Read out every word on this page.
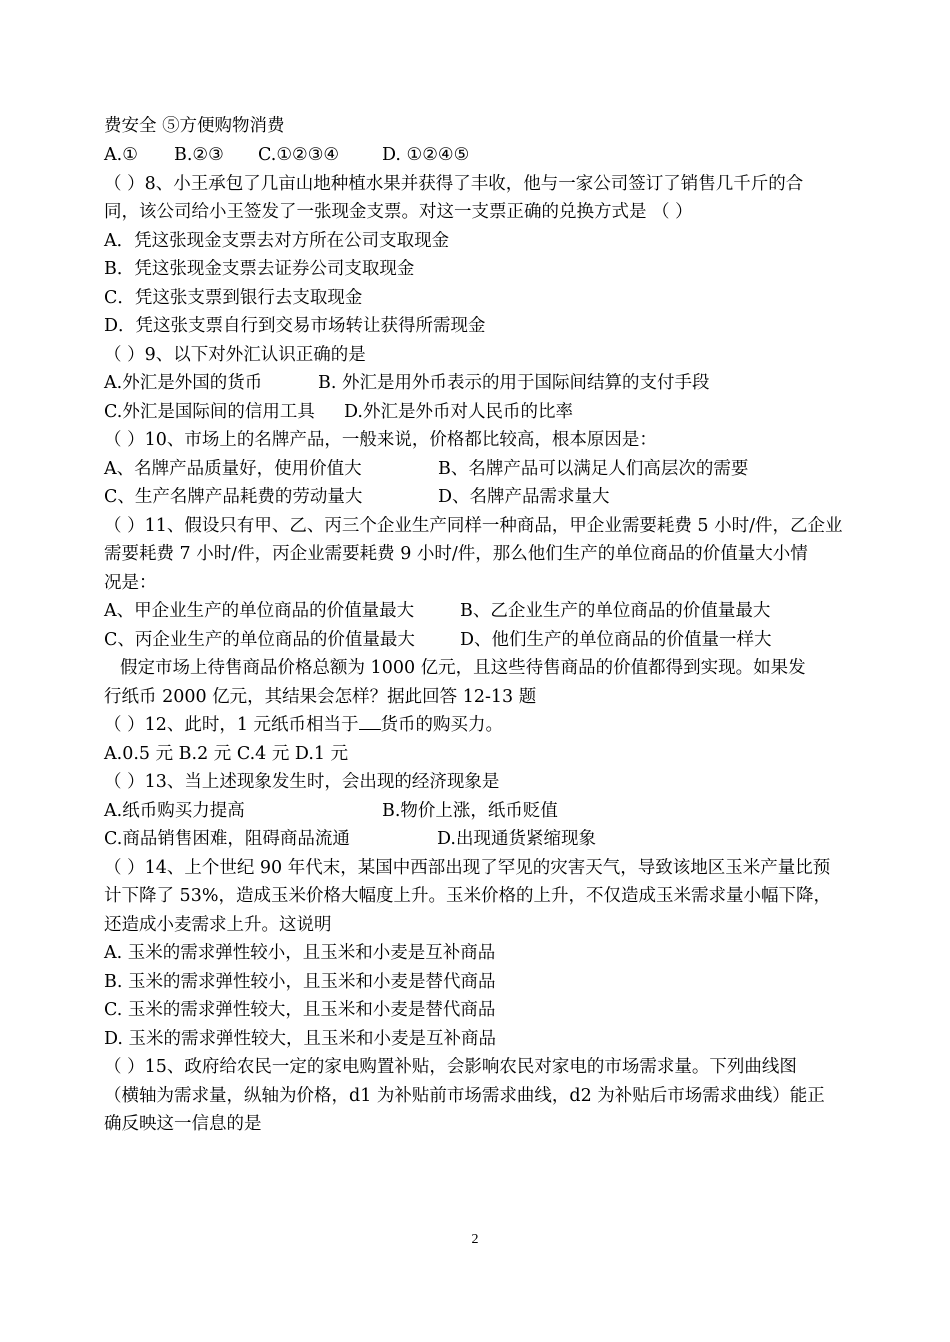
费安全 ⑤方便购物消费
A.① B.②③ C.①②③④ D. ①②④⑤
（ ）8、小王承包了几亩山地种植水果并获得了丰收，他与一家公司签订了销售几千斤的合
同，该公司给小王签发了一张现金支票。对这一支票正确的兑换方式是 （ ）
A．凭这张现金支票去对方所在公司支取现金
B．凭这张现金支票去证券公司支取现金
C．凭这张支票到银行去支取现金
D．凭这张支票自行到交易市场转让获得所需现金
（ ）9、以下对外汇认识正确的是
A.外汇是外国的货币	B. 外汇是用外币表示的用于国际间结算的支付手段
C.外汇是国际间的信用工具 D.外汇是外币对人民币的比率
（ ）10、市场上的名牌产品，一般来说，价格都比较高，根本原因是：
A、名牌产品质量好，使用价值大	B、名牌产品可以满足人们高层次的需要
C、生产名牌产品耗费的劳动量大	D、名牌产品需求量大
（ ）11、假设只有甲、乙、丙三个企业生产同样一种商品，甲企业需要耗费 5 小时/件，乙企业
需要耗费 7 小时/件，丙企业需要耗费 9 小时/件，那么他们生产的单位商品的价值量大小情
况是：
A、甲企业生产的单位商品的价值量最大	B、乙企业生产的单位商品的价值量最大
C、丙企业生产的单位商品的价值量最大	D、他们生产的单位商品的价值量一样大
假定市场上待售商品价格总额为 1000 亿元，且这些待售商品的价值都得到实现。如果发
行纸币 2000 亿元，其结果会怎样？据此回答 12-13 题
（ ）12、此时，1 元纸币相当于 货币的购买力。
A.0.5 元 B.2 元 C.4 元 D.1 元
（ ）13、当上述现象发生时，会出现的经济现象是
A.纸币购买力提高	B.物价上涨，纸币贬值
C.商品销售困难，阻碍商品流通	D.出现通货紧缩现象
（ ）14、上个世纪 90 年代末，某国中西部出现了罕见的灾害天气，导致该地区玉米产量比预
计下降了 53%，造成玉米价格大幅度上升。玉米价格的上升，不仅造成玉米需求量小幅下降，
还造成小麦需求上升。这说明
A. 玉米的需求弹性较小，且玉米和小麦是互补商品
B. 玉米的需求弹性较小，且玉米和小麦是替代商品
C. 玉米的需求弹性较大，且玉米和小麦是替代商品
D. 玉米的需求弹性较大，且玉米和小麦是互补商品
（ ）15、政府给农民一定的家电购置补贴，会影响农民对家电的市场需求量。下列曲线图
（横轴为需求量，纵轴为价格，d1 为补贴前市场需求曲线，d2 为补贴后市场需求曲线）能正
确反映这一信息的是
2
